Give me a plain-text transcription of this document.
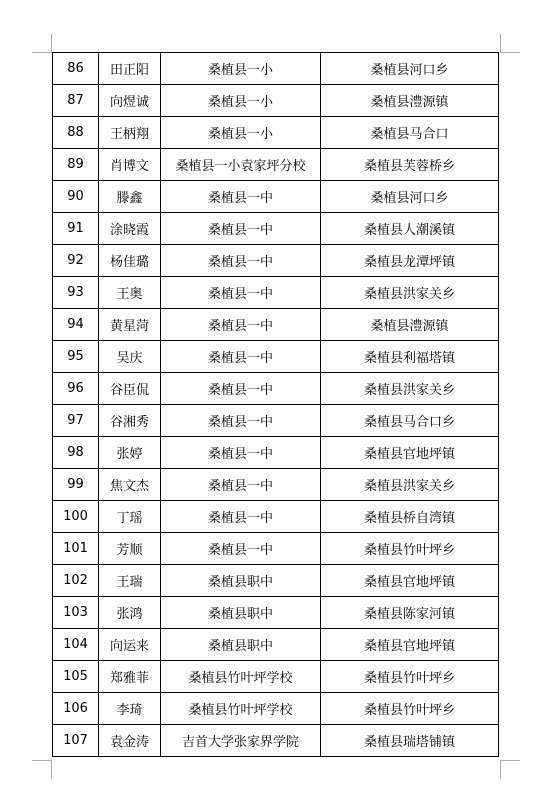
86	田正阳	桑植县一小	桑植县河口乡
87	向煜诚	桑植县一小	桑植县澧源镇
88	王柄翔	桑植县一小	桑植县马合口
89	肖博文	桑植县一小袁家坪分校	桑植县芙蓉桥乡
90	滕鑫	桑植县一中	桑植县河口乡
91	涂晓霞	桑植县一中	桑植县人潮溪镇
92	杨佳璐	桑植县一中	桑植县龙潭坪镇
93	王奥	桑植县一中	桑植县洪家关乡
94	黄星菏	桑植县一中	桑植县澧源镇
95	吴庆	桑植县一中	桑植县利福塔镇
96	谷臣侃	桑植县一中	桑植县洪家关乡
97	谷湘秀	桑植县一中	桑植县马合口乡
98	张婷	桑植县一中	桑植县官地坪镇
99	焦文杰	桑植县一中	桑植县洪家关乡
100	丁瑶	桑植县一中	桑植县桥自湾镇
101	芳顺	桑植县一中	桑植县竹叶坪乡
102	王瑞	桑植县职中	桑植县官地坪镇
103	张鸿	桑植县职中	桑植县陈家河镇
104	向运来	桑植县职中	桑植县官地坪镇
105	郑雅菲	桑植县竹叶坪学校	桑植县竹叶坪乡
106	李琦	桑植县竹叶坪学校	桑植县竹叶坪乡
107	袁金涛	吉首大学张家界学院	桑植县瑞塔铺镇
